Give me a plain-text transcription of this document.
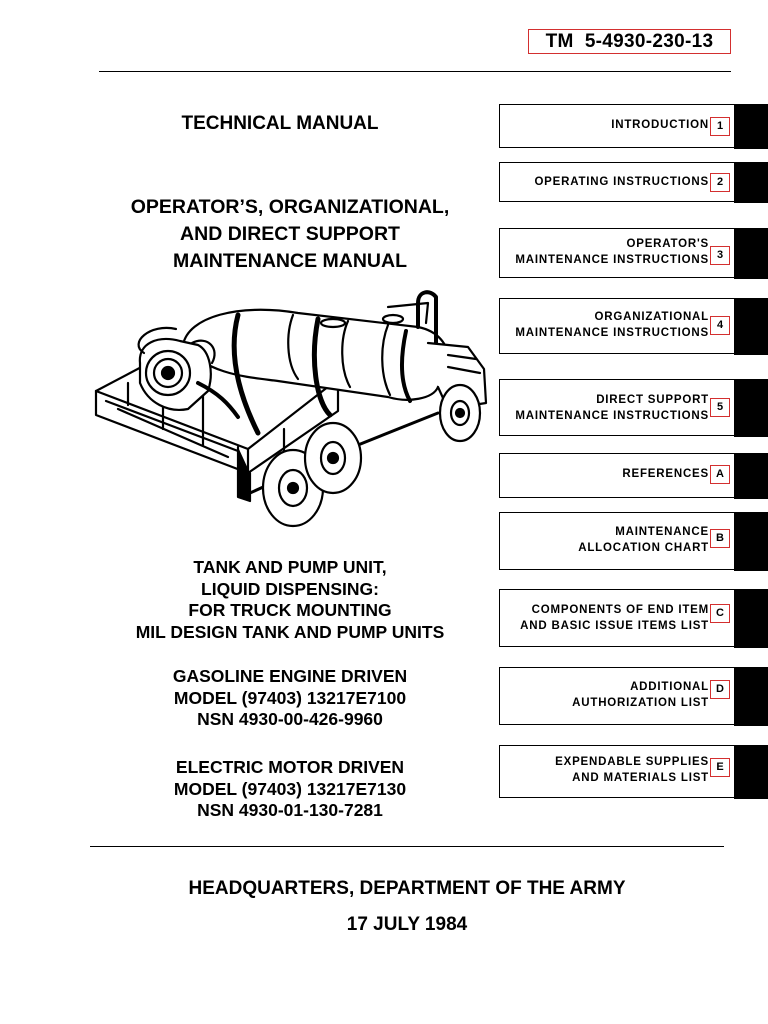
TM  5-4930-230-13
TECHNICAL MANUAL
OPERATOR’S, ORGANIZATIONAL,
AND DIRECT SUPPORT
MAINTENANCE MANUAL
TANK AND PUMP UNIT,
LIQUID DISPENSING:
FOR TRUCK MOUNTING
MIL DESIGN TANK AND PUMP UNITS
GASOLINE ENGINE DRIVEN
MODEL (97403) 13217E7100
NSN 4930-00-426-9960
ELECTRIC MOTOR DRIVEN
MODEL (97403) 13217E7130
NSN 4930-01-130-7281
HEADQUARTERS, DEPARTMENT OF THE ARMY
17 JULY 1984
INTRODUCTION 1
OPERATING INSTRUCTIONS 2
OPERATOR'S
MAINTENANCE INSTRUCTIONS 3
ORGANIZATIONAL
MAINTENANCE INSTRUCTIONS
4
DIRECT SUPPORT
MAINTENANCE INSTRUCTIONS
5
REFERENCES A
MAINTENANCE
ALLOCATION CHART
B
COMPONENTS OF END ITEM
AND BASIC ISSUE ITEMS LIST
C
ADDITIONAL
AUTHORIZATION LIST
D
EXPENDABLE SUPPLIES
AND MATERIALS LIST
E
